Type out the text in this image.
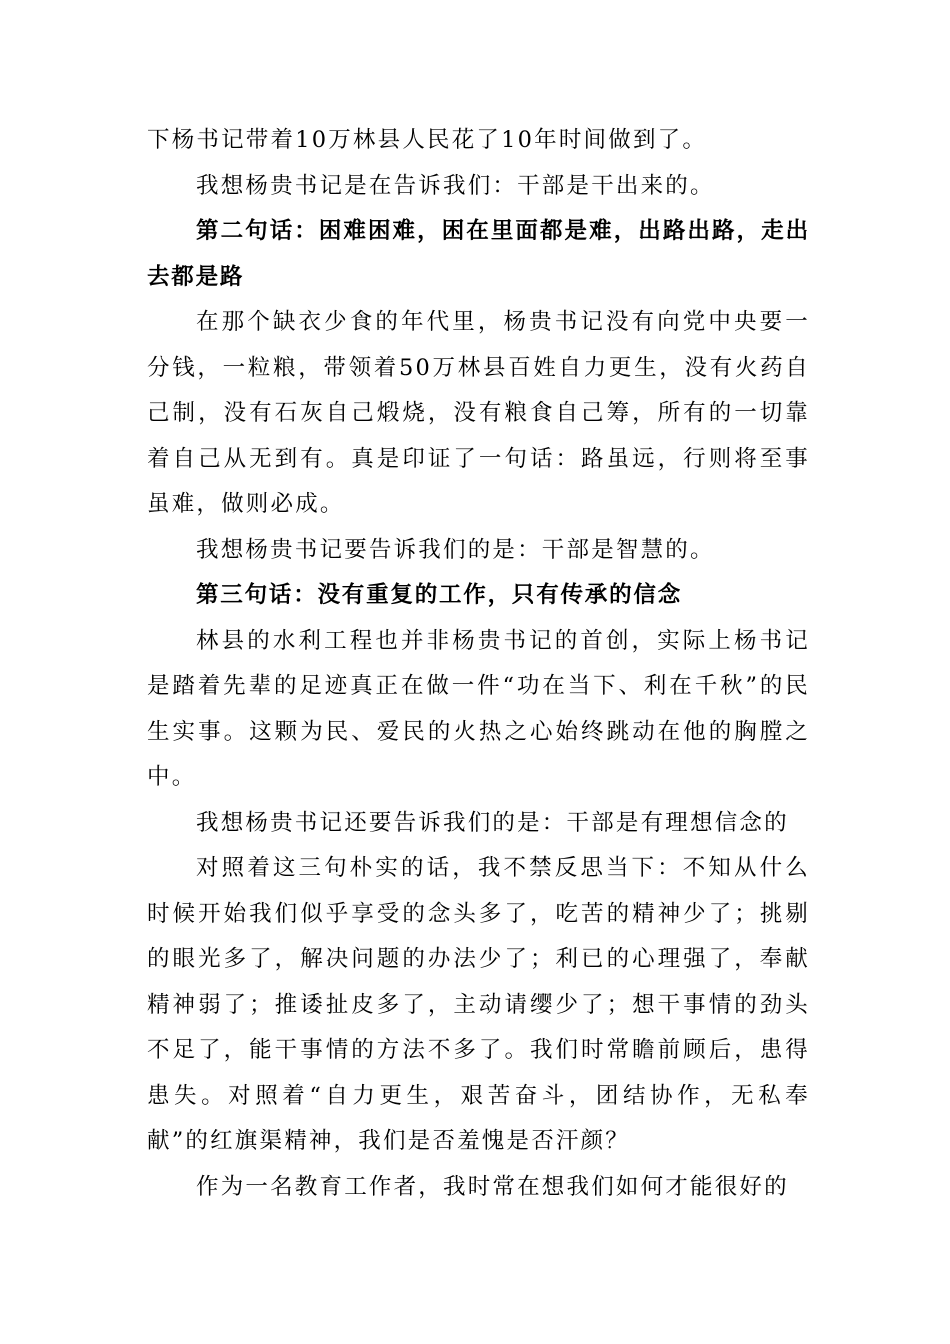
下杨书记带着10万林县人民花了10年时间做到了。

我想杨贵书记是在告诉我们：干部是干出来的。

第二句话：困难困难，困在里面都是难，出路出路，走出去都是路

在那个缺衣少食的年代里，杨贵书记没有向党中央要一分钱，一粒粮，带领着50万林县百姓自力更生，没有火药自己制，没有石灰自己煅烧，没有粮食自己筹，所有的一切靠着自己从无到有。真是印证了一句话：路虽远，行则将至事虽难，做则必成。

我想杨贵书记要告诉我们的是：干部是智慧的。

第三句话：没有重复的工作，只有传承的信念

林县的水利工程也并非杨贵书记的首创，实际上杨书记是踏着先辈的足迹真正在做一件“功在当下、利在千秋”的民生实事。这颗为民、爱民的火热之心始终跳动在他的胸膛之中。

我想杨贵书记还要告诉我们的是：干部是有理想信念的

对照着这三句朴实的话，我不禁反思当下：不知从什么时候开始我们似乎享受的念头多了，吃苦的精神少了；挑剔的眼光多了，解决问题的办法少了；利已的心理强了，奉献精神弱了；推诿扯皮多了，主动请缨少了；想干事情的劲头不足了，能干事情的方法不多了。我们时常瞻前顾后，患得患失。对照着“自力更生，艰苦奋斗，团结协作，无私奉献”的红旗渠精神，我们是否羞愧是否汗颜？

作为一名教育工作者，我时常在想我们如何才能很好的
